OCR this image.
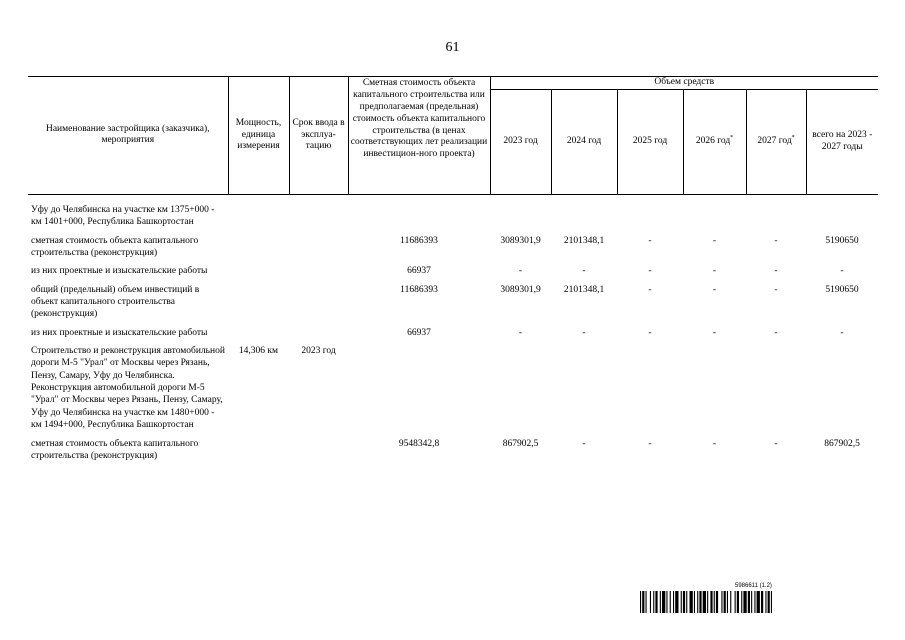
61
Наименование застройщика (заказчика), мероприятия	Мощность, единица измерения	Срок ввода в эксплуа-тацию	Сметная стоимость объекта капитального строительства или предполагаемая (предельная) стоимость объекта капитального строительства (в ценах соответствующих лет реализации инвестицион-ного проекта)	Объем средств					
				2023 год	2024 год	2025 год	2026 год*	2027 год*	всего на 2023 - 2027 годы
Уфу до Челябинска на участке км 1375+000 - км 1401+000, Республика Башкортостан									

сметная стоимость объекта капитального строительства (реконструкция)			11686393	3089301,9	2101348,1	-	-	-	5190650

из них проектные и изыскательские работы			66937	-	-	-	-	-	-

общий (предельный) объем инвестиций в объект капитального строительства (реконструкция)			11686393	3089301,9	2101348,1	-	-	-	5190650

из них проектные и изыскательские работы			66937	-	-	-	-	-	-

Строительство и реконструкция автомобильной дороги М-5 "Урал" от Москвы через Рязань, Пензу, Самару, Уфу до Челябинска. Реконструкция автомобильной дороги М-5 "Урал" от Москвы через Рязань, Пензу, Самару, Уфу до Челябинска на участке км 1480+000 - км 1494+000, Республика Башкортостан	14,306 км	2023 год							

сметная стоимость объекта капитального строительства (реконструкция)			9548342,8	867902,5	-	-	-	-	867902,5
5986611 (1.2)
